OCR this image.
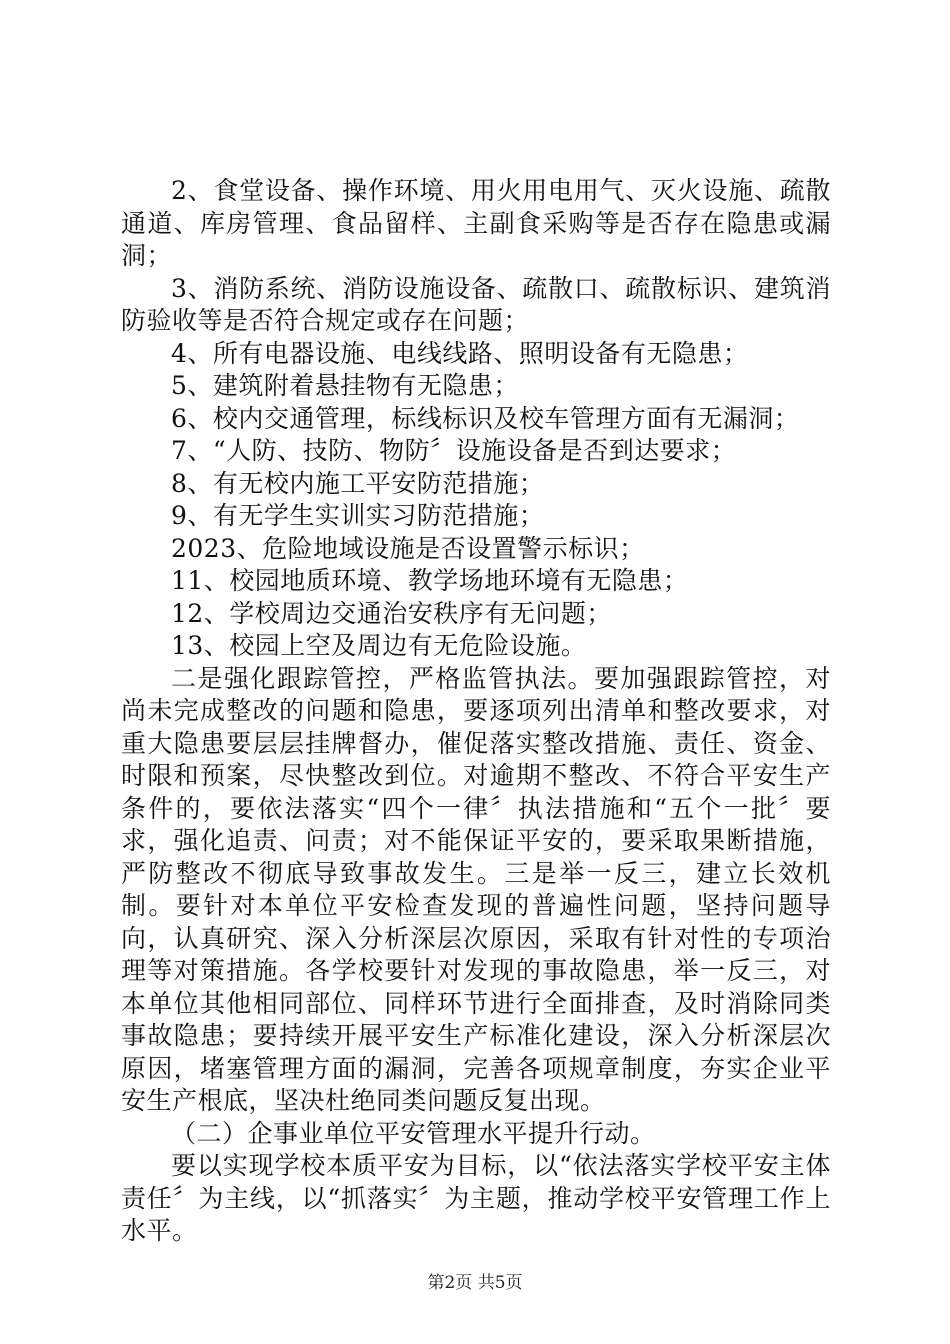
2、食堂设备、操作环境、用火用电用气、灭火设施、疏散通道、库房管理、食品留样、主副食采购等是否存在隐患或漏洞；

3、消防系统、消防设施设备、疏散口、疏散标识、建筑消防验收等是否符合规定或存在问题；

4、所有电器设施、电线线路、照明设备有无隐患；

5、建筑附着悬挂物有无隐患；

6、校内交通管理，标线标识及校车管理方面有无漏洞；

7、“人防、技防、物防〞设施设备是否到达要求；

8、有无校内施工平安防范措施；

9、有无学生实训实习防范措施；

2023、危险地域设施是否设置警示标识；

11、校园地质环境、教学场地环境有无隐患；

12、学校周边交通治安秩序有无问题；

13、校园上空及周边有无危险设施。

二是强化跟踪管控，严格监管执法。要加强跟踪管控，对尚未完成整改的问题和隐患，要逐项列出清单和整改要求，对重大隐患要层层挂牌督办，催促落实整改措施、责任、资金、时限和预案，尽快整改到位。对逾期不整改、不符合平安生产条件的，要依法落实“四个一律〞执法措施和“五个一批〞要求，强化追责、问责；对不能保证平安的，要采取果断措施，严防整改不彻底导致事故发生。三是举一反三，建立长效机制。要针对本单位平安检查发现的普遍性问题，坚持问题导向，认真研究、深入分析深层次原因，采取有针对性的专项治理等对策措施。各学校要针对发现的事故隐患，举一反三，对本单位其他相同部位、同样环节进行全面排查，及时消除同类事故隐患；要持续开展平安生产标准化建设，深入分析深层次原因，堵塞管理方面的漏洞，完善各项规章制度，夯实企业平安生产根底，坚决杜绝同类问题反复出现。

（二）企事业单位平安管理水平提升行动。

要以实现学校本质平安为目标，以“依法落实学校平安主体责任〞为主线，以“抓落实〞为主题，推动学校平安管理工作上水平。

第2页 共5页
